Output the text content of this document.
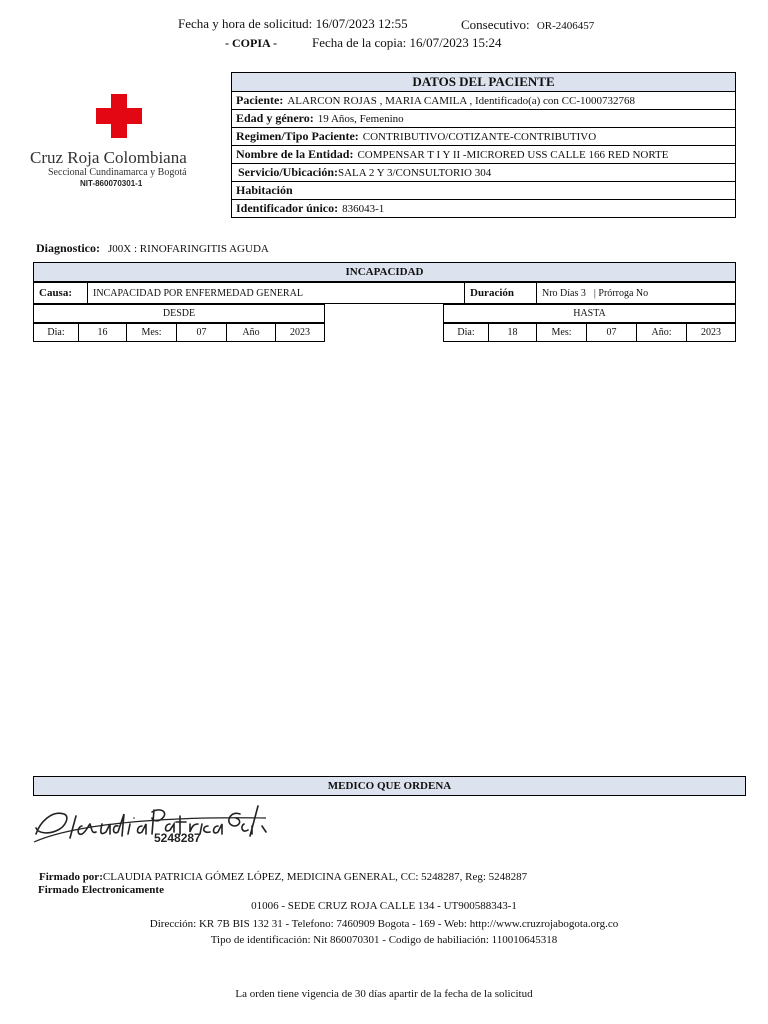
Fecha y hora de solicitud: 16/07/2023 12:55	Consecutivo: OR-2406457
- COPIA -	Fecha de la copia: 16/07/2023 15:24
Cruz Roja Colombiana
Seccional Cundinamarca y Bogotá
NIT-860070301-1
DATOS DEL PACIENTE
Paciente: ALARCON ROJAS , MARIA CAMILA , Identificado(a) con CC-1000732768
Edad y género: 19 Años, Femenino
Regimen/Tipo Paciente: CONTRIBUTIVO/COTIZANTE-CONTRIBUTIVO
Nombre de la Entidad: COMPENSAR T I Y II -MICRORED USS CALLE 166 RED NORTE
Servicio/Ubicación:SALA 2 Y 3/CONSULTORIO 304
Habitación
Identificador único: 836043-1
Diagnostico: J00X : RINOFARINGITIS AGUDA
INCAPACIDAD
Causa:	INCAPACIDAD POR ENFERMEDAD GENERAL	Duración	Nro Días 3 | Prórroga No
DESDE
Dia:	16	Mes:	07	Año	2023
HASTA
Dia:	18	Mes:	07	Año:	2023
MEDICO QUE ORDENA
5248287
Firmado por:CLAUDIA PATRICIA GÓMEZ LÓPEZ, MEDICINA GENERAL, CC: 5248287, Reg: 5248287
Firmado Electronicamente
01006 - SEDE CRUZ ROJA CALLE 134 - UT900588343-1
Dirección: KR 7B BIS 132 31 - Telefono: 7460909 Bogota - 169 - Web: http://www.cruzrojabogota.org.co
Tipo de identificación: Nit 860070301 - Codigo de habiliación: 110010645318
La orden tiene vigencia de 30 días apartir de la fecha de la solicitud
